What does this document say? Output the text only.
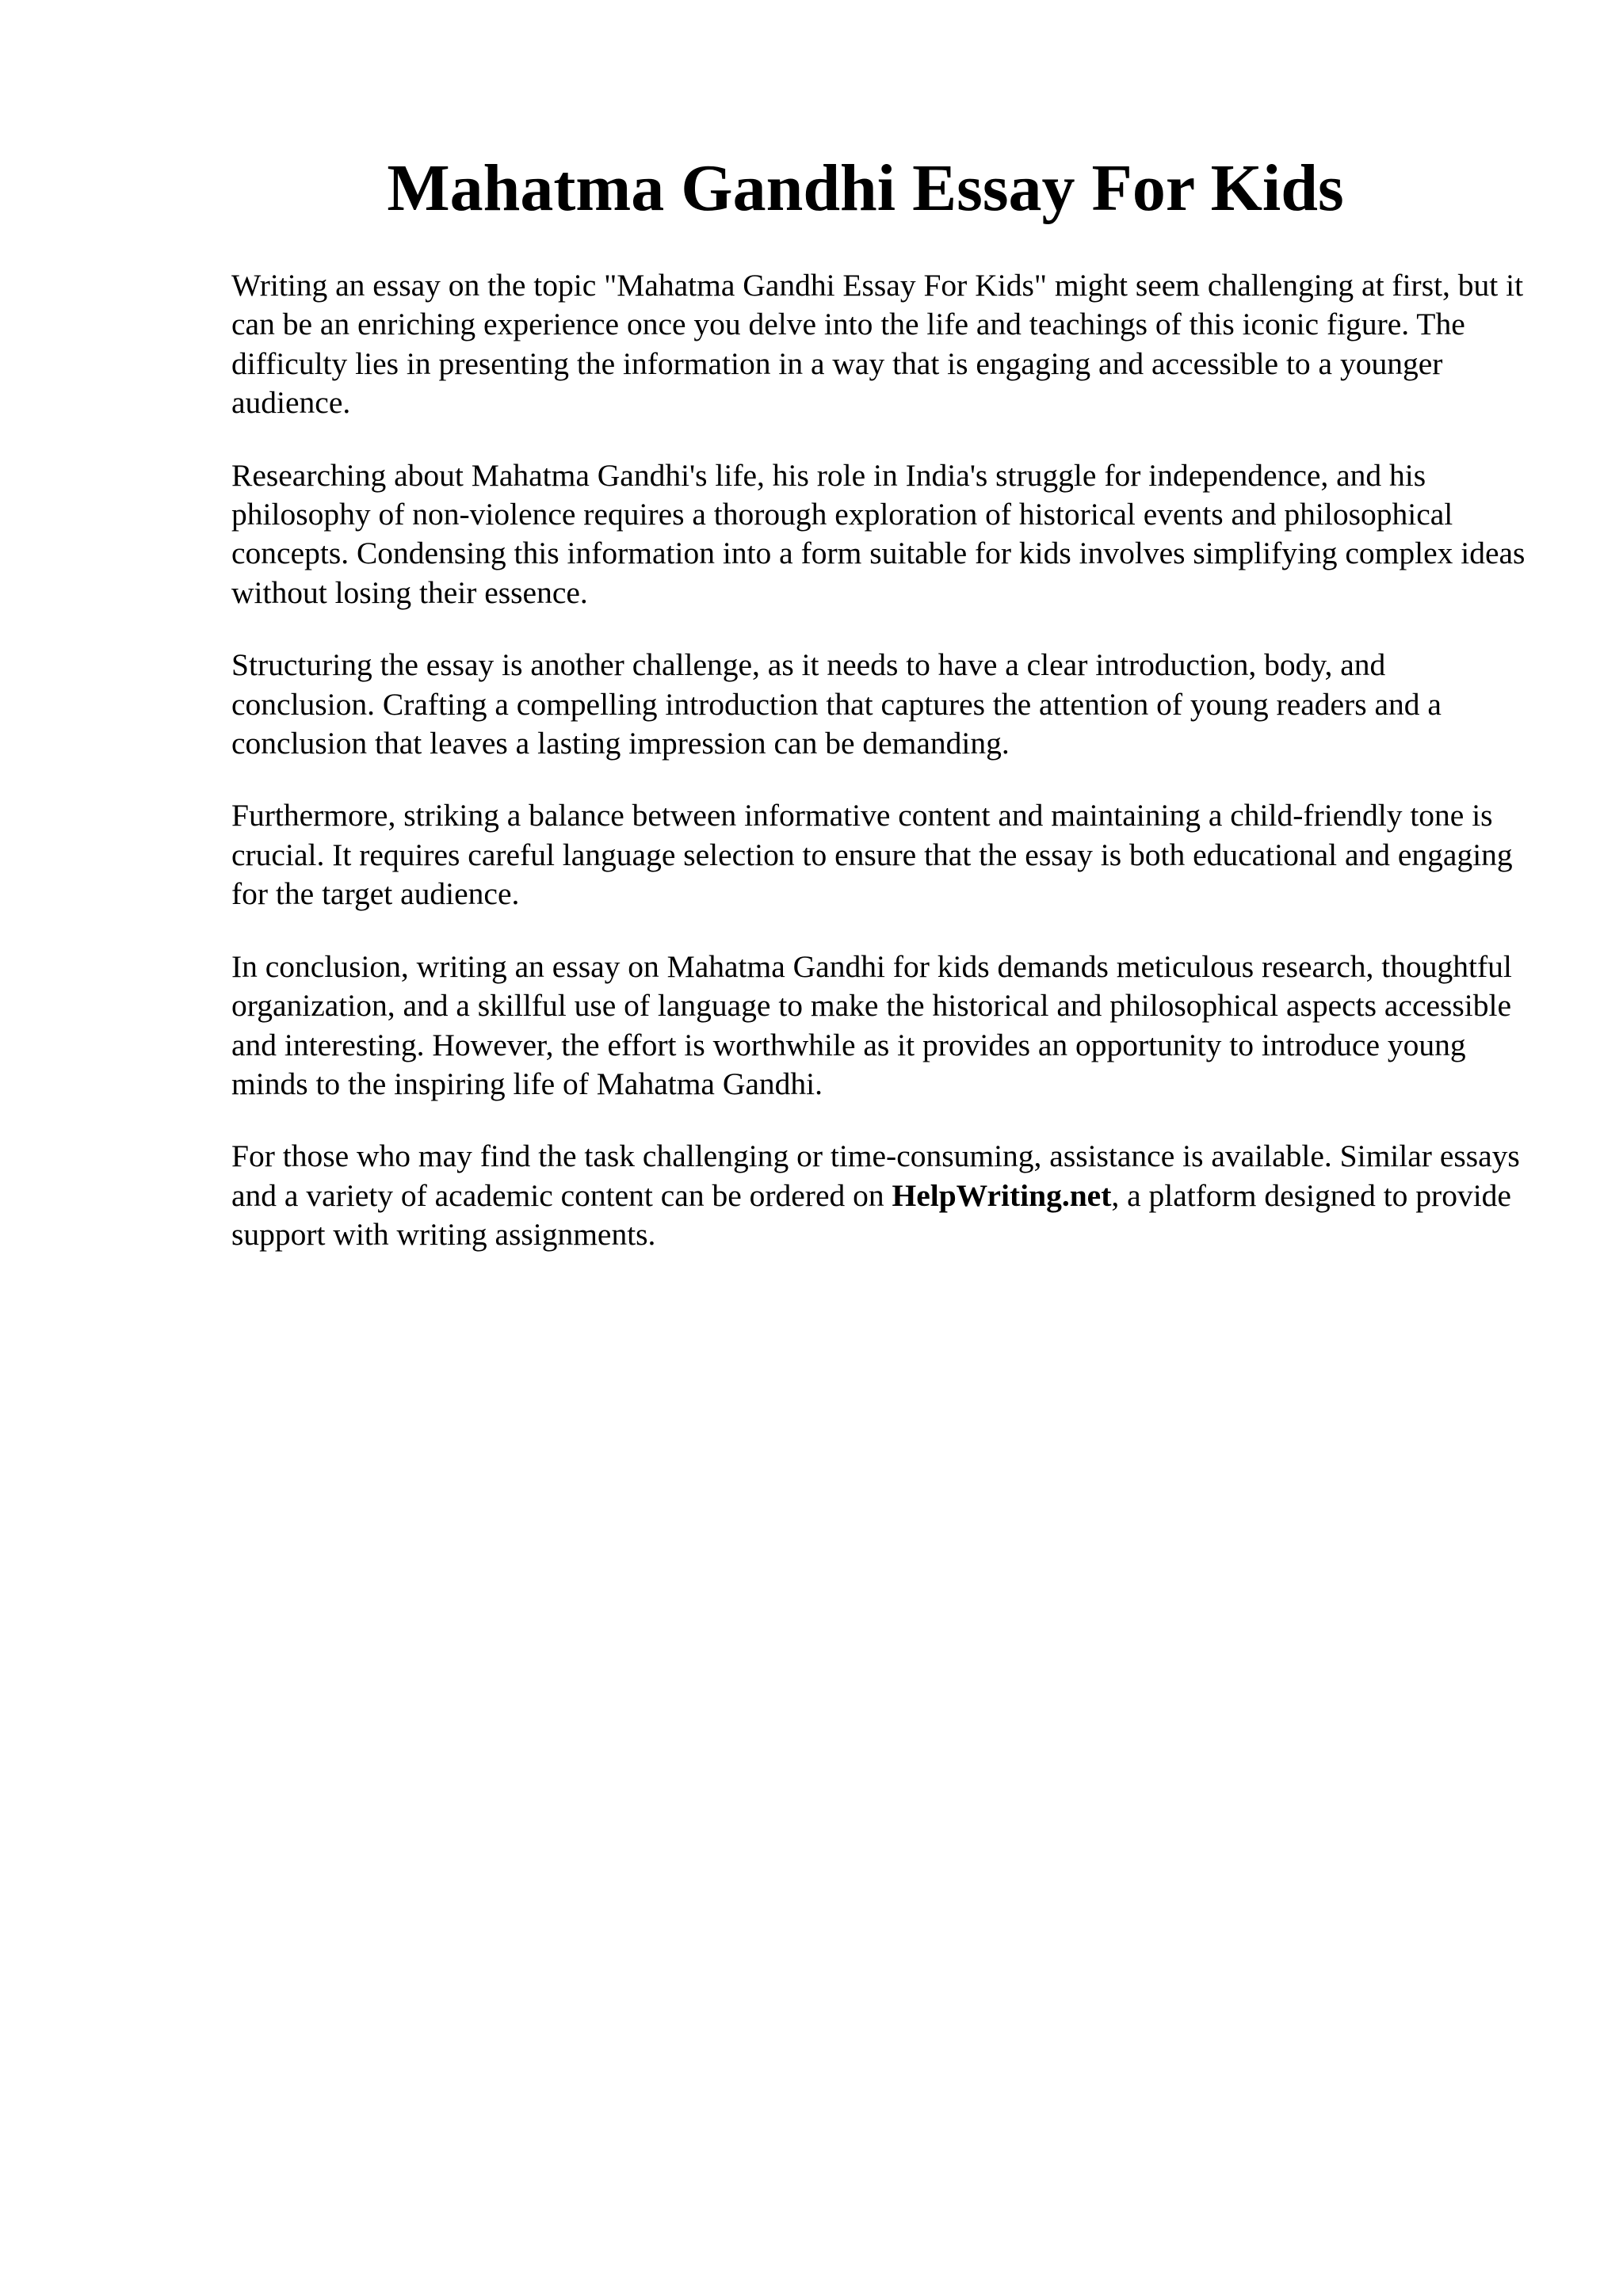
Mahatma Gandhi Essay For Kids

Writing an essay on the topic "Mahatma Gandhi Essay For Kids" might seem challenging at first, but it can be an enriching experience once you delve into the life and teachings of this iconic figure. The difficulty lies in presenting the information in a way that is engaging and accessible to a younger audience.

Researching about Mahatma Gandhi's life, his role in India's struggle for independence, and his philosophy of non-violence requires a thorough exploration of historical events and philosophical concepts. Condensing this information into a form suitable for kids involves simplifying complex ideas without losing their essence.

Structuring the essay is another challenge, as it needs to have a clear introduction, body, and conclusion. Crafting a compelling introduction that captures the attention of young readers and a conclusion that leaves a lasting impression can be demanding.

Furthermore, striking a balance between informative content and maintaining a child-friendly tone is crucial. It requires careful language selection to ensure that the essay is both educational and engaging for the target audience.

In conclusion, writing an essay on Mahatma Gandhi for kids demands meticulous research, thoughtful organization, and a skillful use of language to make the historical and philosophical aspects accessible and interesting. However, the effort is worthwhile as it provides an opportunity to introduce young minds to the inspiring life of Mahatma Gandhi.

For those who may find the task challenging or time-consuming, assistance is available. Similar essays and a variety of academic content can be ordered on HelpWriting.net, a platform designed to provide support with writing assignments.
